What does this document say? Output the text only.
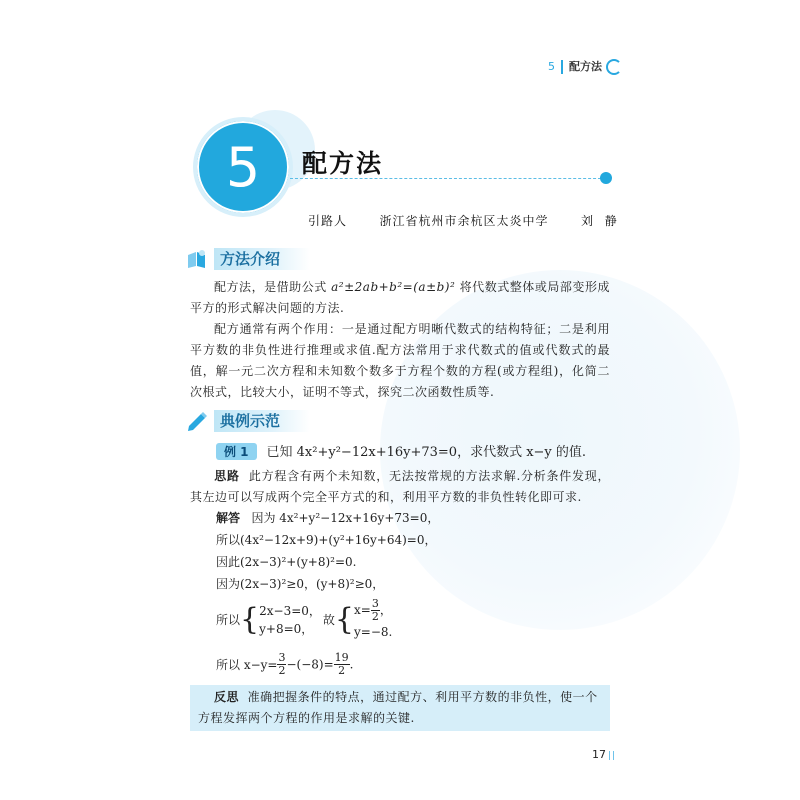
5 配方法
5	配方法
引路人	浙江省杭州市余杭区太炎中学	刘 静
方法介绍
配方法，是借助公式 a²±2ab+b²=(a±b)² 将代数式整体或局部变形成平方的形式解决问题的方法.
配方通常有两个作用：一是通过配方明晰代数式的结构特征；二是利用平方数的非负性进行推理或求值.配方法常用于求代数式的值或代数式的最值，解一元二次方程和未知数个数多于方程个数的方程(或方程组)，化简二次根式，比较大小，证明不等式，探究二次函数性质等.
典例示范
例 1 已知 4x²+y²−12x+16y+73=0，求代数式 x−y 的值.
思路 此方程含有两个未知数，无法按常规的方法求解.分析条件发现，其左边可以写成两个完全平方式的和，利用平方数的非负性转化即可求.
解答 因为 4x²+y²−12x+16y+73=0，
所以(4x²−12x+9)+(y²+16y+64)=0，
因此(2x−3)²+(y+8)²=0.
因为(2x−3)²≥0，(y+8)²≥0，
所以{2x−3=0，
y+8=0，故{$x= \frac{3}{2}$ ，
y=−8.
所以 $x-y= \frac{3}{2} -(-8)= \frac{19}{2}$ .
反思 准确把握条件的特点，通过配方、利用平方数的非负性，使一个方程发挥两个方程的作用是求解的关键.
17
